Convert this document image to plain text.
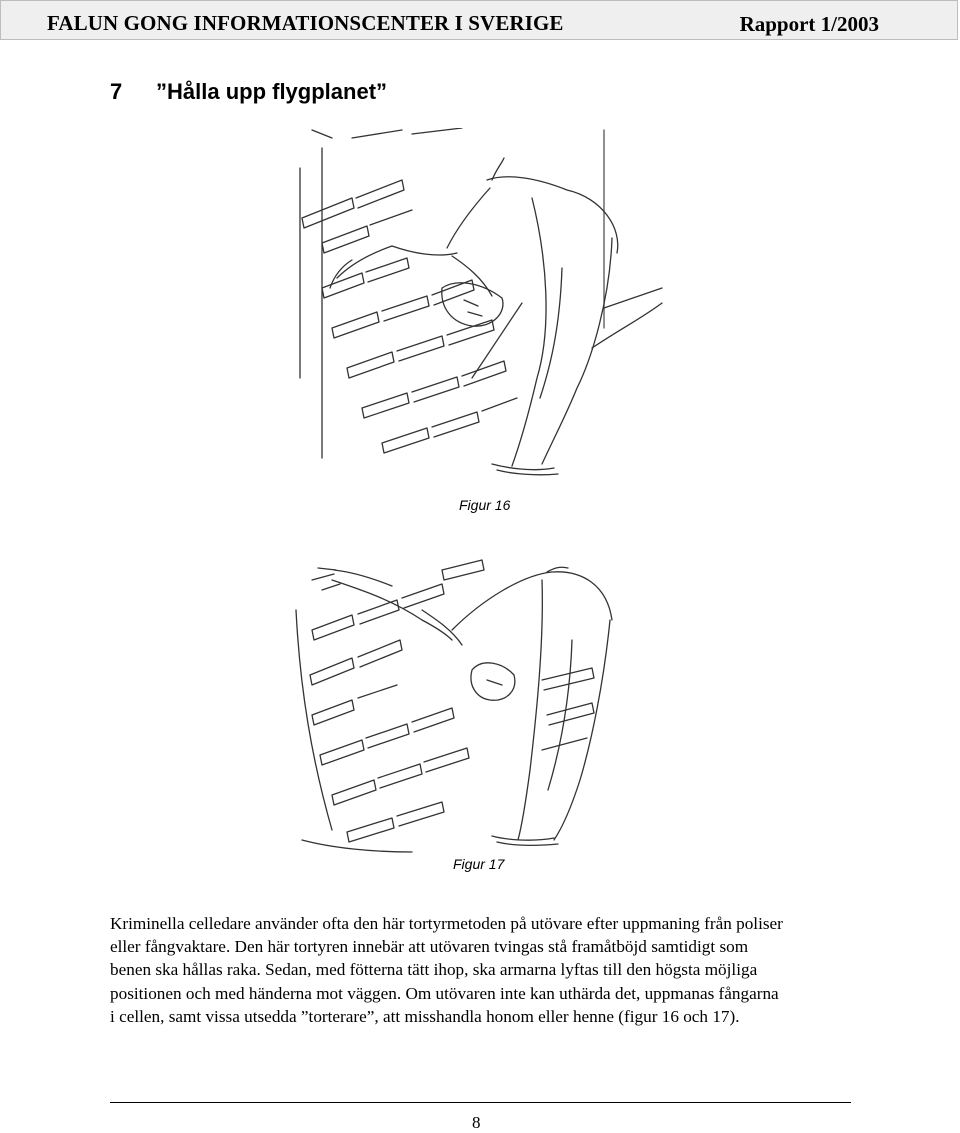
FALUN GONG INFORMATIONSCENTER I SVERIGE	Rapport 1/2003
7 ”Hålla upp flygplanet”
Figur 16
Figur 17

Kriminella celledare använder ofta den här tortyrmetoden på utövare efter uppmaning från poliser

eller fångvaktare. Den här tortyren innebär att utövaren tvingas stå framåtböjd samtidigt som

benen ska hållas raka. Sedan, med fötterna tätt ihop, ska armarna lyftas till den högsta möjliga

positionen och med händerna mot väggen. Om utövaren inte kan uthärda det, uppmanas fångarna

i cellen, samt vissa utsedda ”torterare”, att misshandla honom eller henne (figur 16 och 17).

8
